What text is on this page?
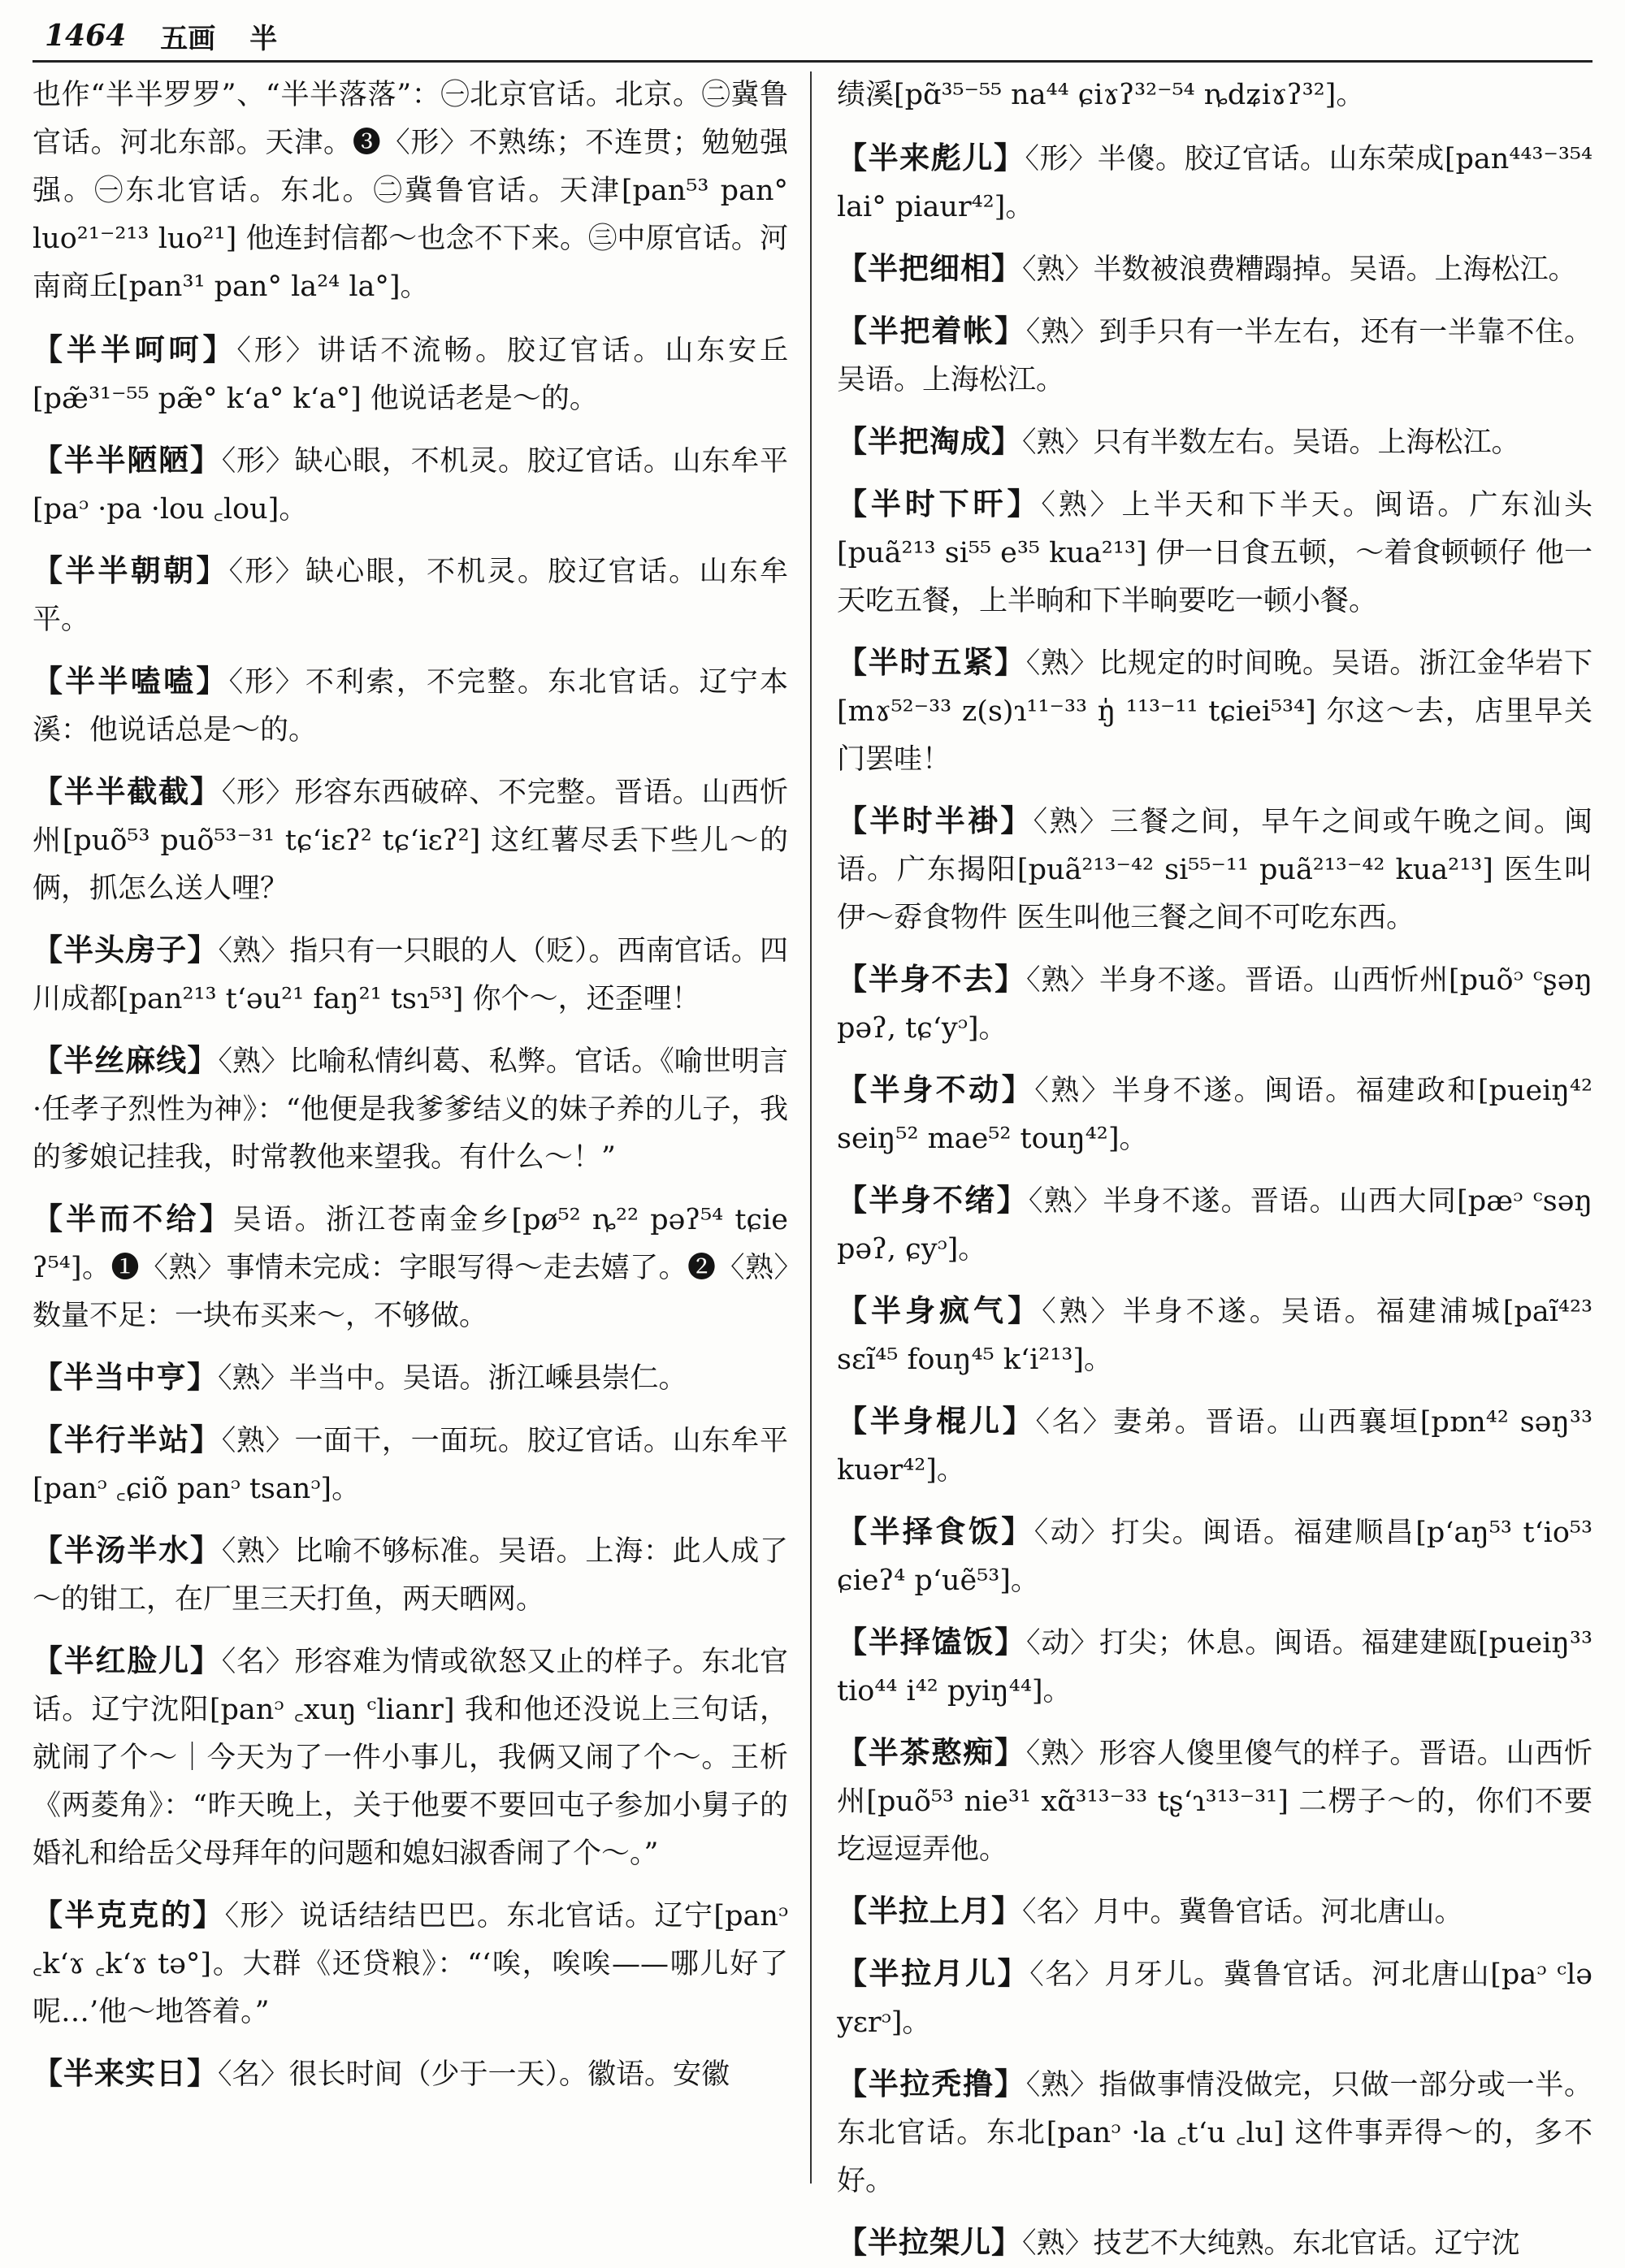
1464 五画 半

也作“半半罗罗”、“半半落落”：㊀北京官话。北京。㊁冀鲁官话。河北东部。天津。❸〈形〉不熟练；不连贯；勉勉强强。㊀东北官话。东北。㊁冀鲁官话。天津[pan⁵³ pan° luo²¹⁻²¹³ luo²¹] 他连封信都～也念不下来。㊂中原官话。河南商丘[pan³¹ pan° la²⁴ la°]。

【半半呵呵】〈形〉讲话不流畅。胶辽官话。山东安丘[pæ̃³¹⁻⁵⁵ pæ̃° k‘a° k‘a°] 他说话老是～的。

【半半陋陋】〈形〉缺心眼，不机灵。胶辽官话。山东牟平[paᵓ ·pa ·lou ꜀lou]。

【半半朝朝】〈形〉缺心眼，不机灵。胶辽官话。山东牟平。

【半半嗑嗑】〈形〉不利索，不完整。东北官话。辽宁本溪：他说话总是～的。

【半半截截】〈形〉形容东西破碎、不完整。晋语。山西忻州[puõ⁵³ puõ⁵³⁻³¹ tɕ‘iɛʔ² tɕ‘iɛʔ²] 这红薯尽丢下些儿～的俩，抓怎么送人哩？

【半头房子】〈熟〉指只有一只眼的人（贬）。西南官话。四川成都[pan²¹³ t‘əu²¹ faŋ²¹ tsɿ⁵³] 你个～，还歪哩！

【半丝麻线】〈熟〉比喻私情纠葛、私弊。官话。《喻世明言·任孝子烈性为神》：“他便是我爹爹结义的妹子养的儿子，我的爹娘记挂我，时常教他来望我。有什么～！”

【半而不给】吴语。浙江苍南金乡[pø⁵² ȵ²² pəʔ⁵⁴ tɕie ʔ⁵⁴]。❶〈熟〉事情未完成：字眼写得～走去嬉了。❷〈熟〉数量不足：一块布买来～，不够做。

【半当中亨】〈熟〉半当中。吴语。浙江嵊县崇仁。

【半行半站】〈熟〉一面干，一面玩。胶辽官话。山东牟平[panᵓ ꜀ɕiõ panᵓ tsanᵓ]。

【半汤半水】〈熟〉比喻不够标准。吴语。上海：此人成了～的钳工，在厂里三天打鱼，两天晒网。

【半红脸儿】〈名〉形容难为情或欲怒又止的样子。东北官话。辽宁沈阳[panᵓ ꜀xuŋ ᶜlianr] 我和他还没说上三句话，就闹了个～｜今天为了一件小事儿，我俩又闹了个～。王析《两菱角》：“昨天晚上，关于他要不要回屯子参加小舅子的婚礼和给岳父母拜年的问题和媳妇淑香闹了个～。”

【半克克的】〈形〉说话结结巴巴。东北官话。辽宁[panᵓ ꜀k‘ɤ ꜀k‘ɤ tə°]。大群《还贷粮》：“‘唉，唉唉——哪儿好了呢…’他～地答着。”

【半来实日】〈名〉很长时间（少于一天）。徽语。安徽

绩溪[pɑ̃³⁵⁻⁵⁵ na⁴⁴ ɕiɤʔ³²⁻⁵⁴ ȵdʑiɤʔ³²]。

【半来彪儿】〈形〉半傻。胶辽官话。山东荣成[pan⁴⁴³⁻³⁵⁴ lai° piaur⁴²]。

【半把细相】〈熟〉半数被浪费糟蹋掉。吴语。上海松江。

【半把着帐】〈熟〉到手只有一半左右，还有一半靠不住。吴语。上海松江。

【半把淘成】〈熟〉只有半数左右。吴语。上海松江。

【半时下旰】〈熟〉上半天和下半天。闽语。广东汕头[puã²¹³ si⁵⁵ e³⁵ kua²¹³] 伊一日食五顿，～着食顿顿仔 他一天吃五餐，上半晌和下半晌要吃一顿小餐。

【半时五紧】〈熟〉比规定的时间晚。吴语。浙江金华岩下[mɤ⁵²⁻³³ z(s)ɿ¹¹⁻³³ ŋ̍ ¹¹³⁻¹¹ tɕiei⁵³⁴] 尔这～去，店里早关门罢哇！

【半时半褂】〈熟〉三餐之间，早午之间或午晚之间。闽语。广东揭阳[puã²¹³⁻⁴² si⁵⁵⁻¹¹ puã²¹³⁻⁴² kua²¹³] 医生叫伊～孬食物件 医生叫他三餐之间不可吃东西。

【半身不去】〈熟〉半身不遂。晋语。山西忻州[puõᵓ ᶜʂəŋ pəʔ, tɕ‘yᵓ]。

【半身不动】〈熟〉半身不遂。闽语。福建政和[pueiŋ⁴² seiŋ⁵² mae⁵² touŋ⁴²]。

【半身不绪】〈熟〉半身不遂。晋语。山西大同[pæᵓ ᶜsəŋ pəʔ, ɕyᵓ]。

【半身疯气】〈熟〉半身不遂。吴语。福建浦城[paĩ⁴²³ sɛĩ⁴⁵ fouŋ⁴⁵ k‘i²¹³]。

【半身棍儿】〈名〉妻弟。晋语。山西襄垣[pɒn⁴² səŋ³³ kuər⁴²]。

【半择食饭】〈动〉打尖。闽语。福建顺昌[p‘aŋ⁵³ t‘io⁵³ ɕieʔ⁴ p‘uẽ⁵³]。

【半择馌饭】〈动〉打尖；休息。闽语。福建建瓯[pueiŋ³³ tio⁴⁴ i⁴² pyiŋ⁴⁴]。

【半茶憨痴】〈熟〉形容人傻里傻气的样子。晋语。山西忻州[puõ⁵³ nie³¹ xɑ̃³¹³⁻³³ tʂ‘ɿ³¹³⁻³¹] 二楞子～的，你们不要圪逗逗弄他。

【半拉上月】〈名〉月中。冀鲁官话。河北唐山。

【半拉月儿】〈名〉月牙儿。冀鲁官话。河北唐山[paᵓ ᶜlə yɛrᵓ]。

【半拉秃撸】〈熟〉指做事情没做完，只做一部分或一半。东北官话。东北[panᵓ ·la ꜀t‘u ꜀lu] 这件事弄得～的，多不好。

【半拉架儿】〈熟〉技艺不大纯熟。东北官话。辽宁沈
